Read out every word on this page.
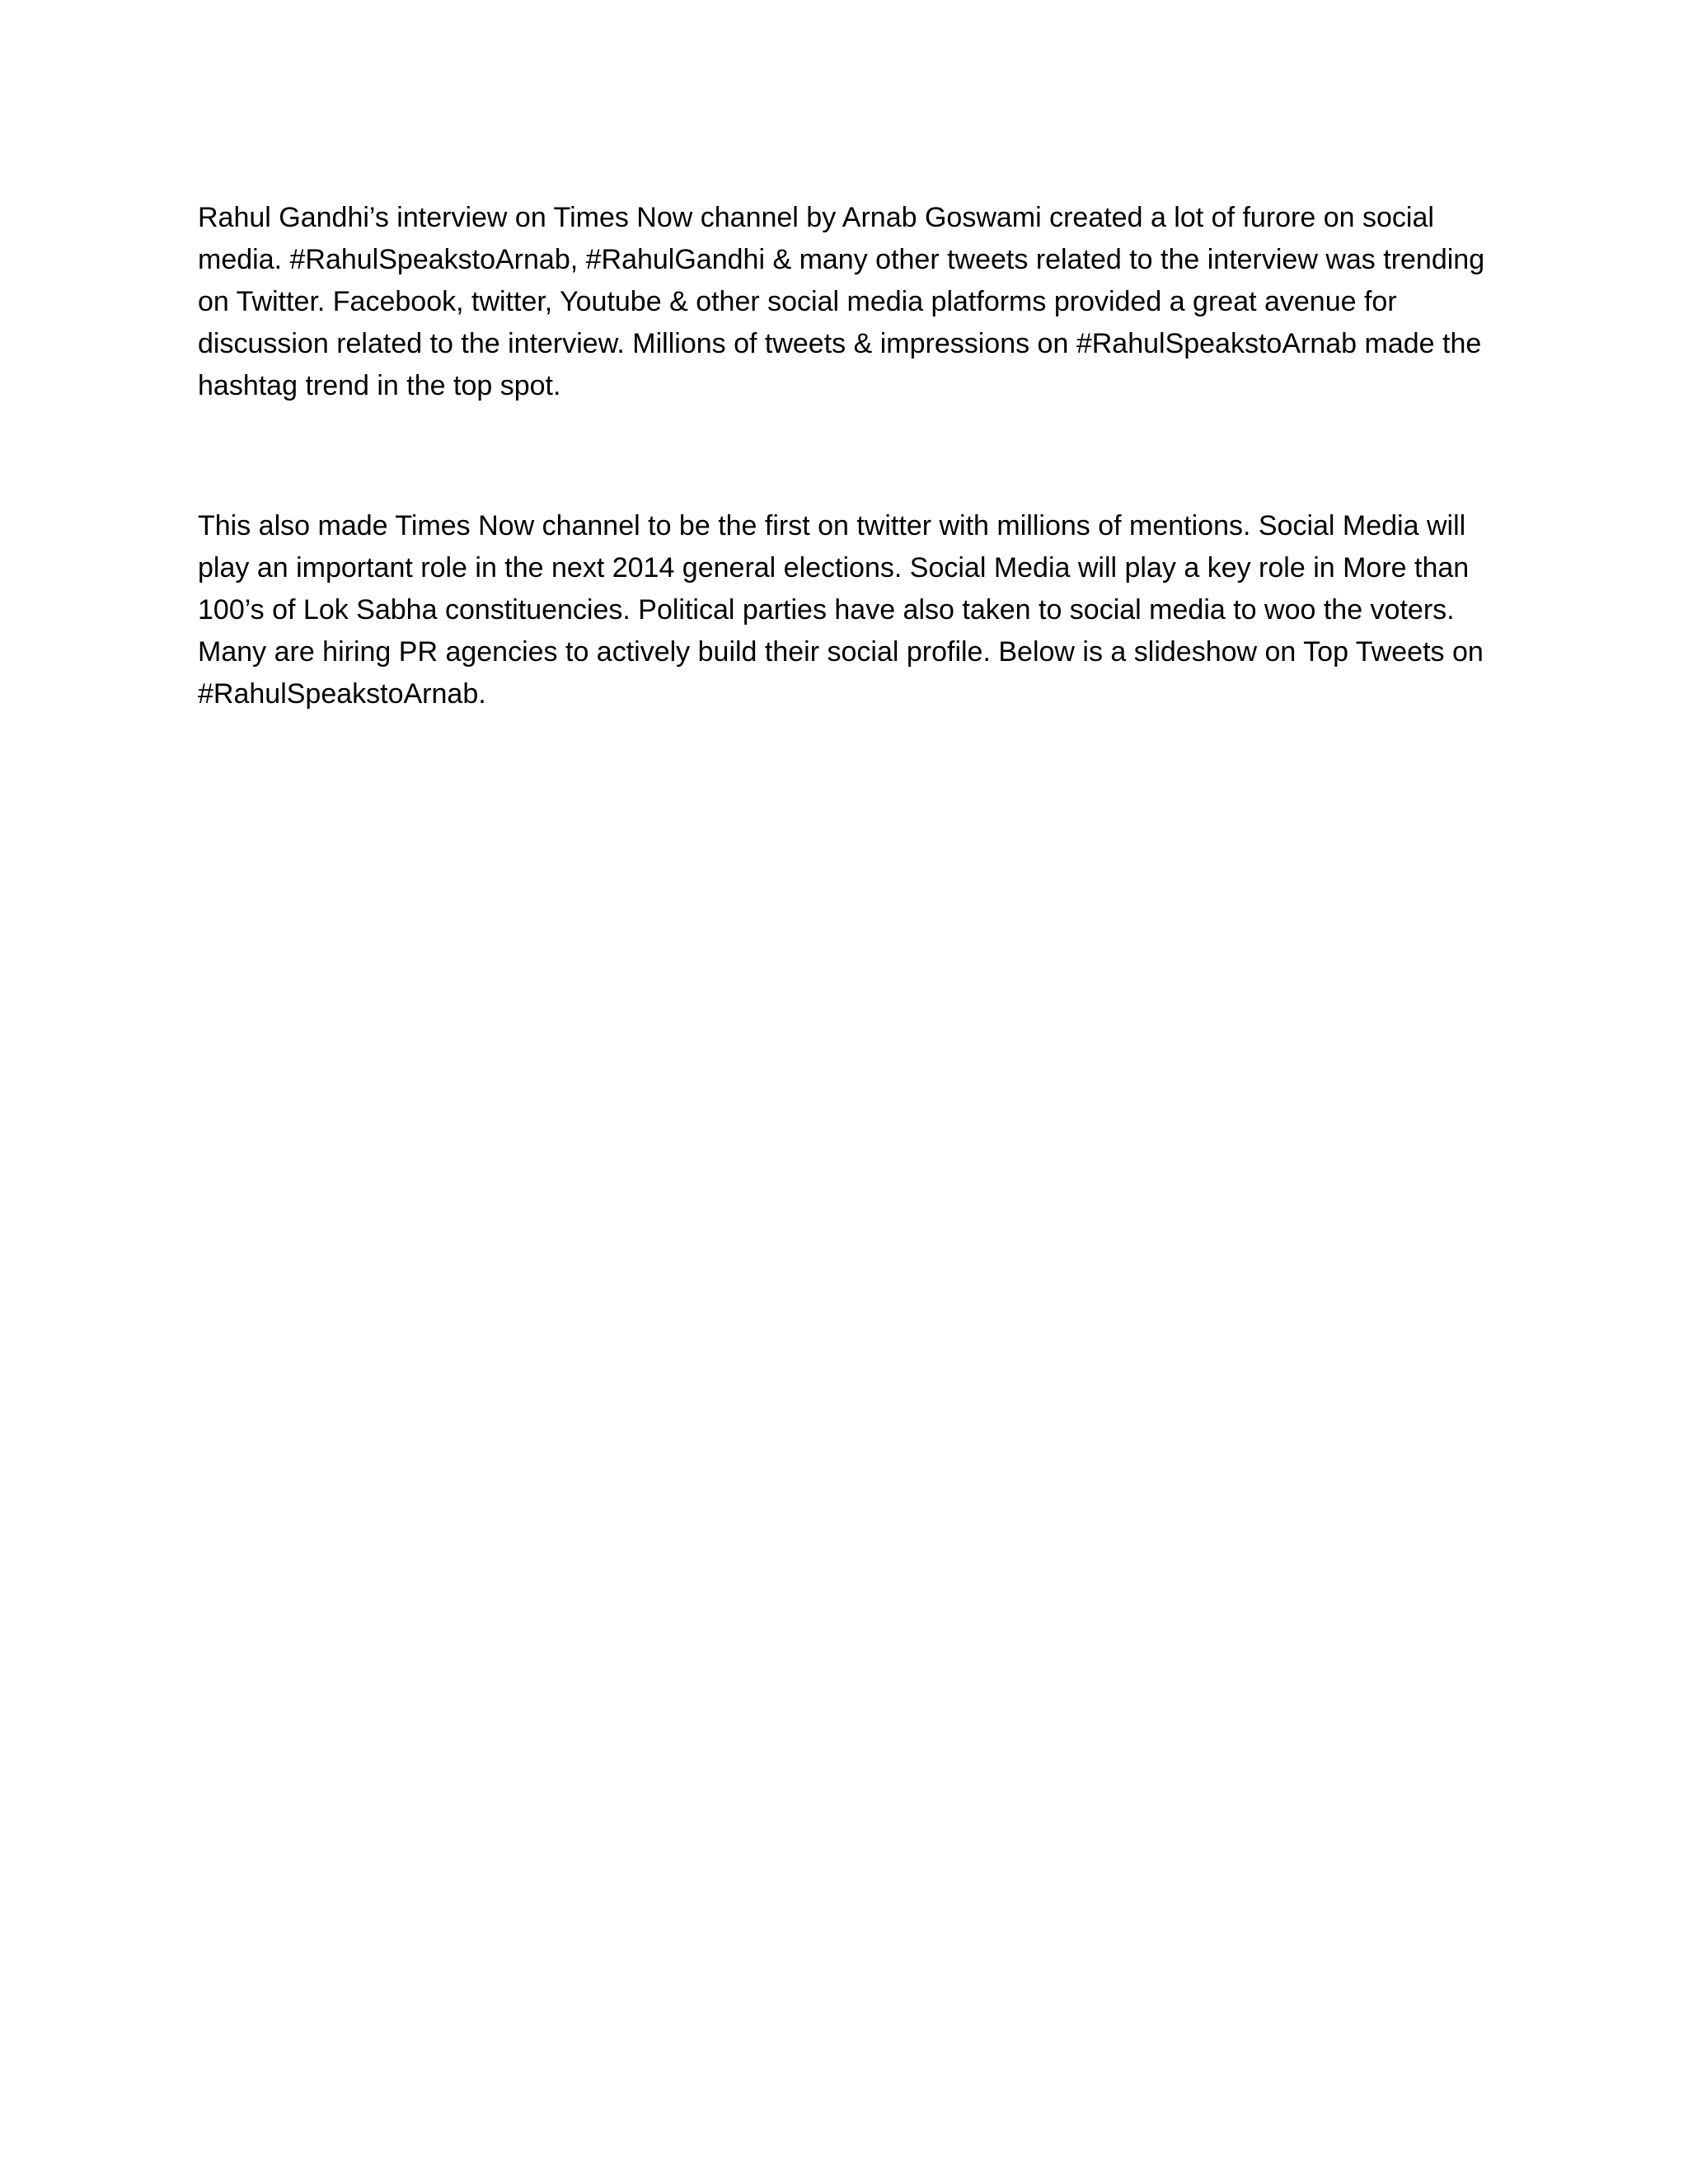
Rahul Gandhi’s interview on Times Now channel by Arnab Goswami created a lot of furore on social
media. #RahulSpeakstoArnab, #RahulGandhi & many other tweets related to the interview was trending
on Twitter. Facebook, twitter, Youtube & other social media platforms provided a great avenue for
discussion related to the interview. Millions of tweets & impressions on #RahulSpeakstoArnab made the
hashtag trend in the top spot.

This also made Times Now channel to be the first on twitter with millions of mentions. Social Media will
play an important role in the next 2014 general elections. Social Media will play a key role in More than
100’s of Lok Sabha constituencies. Political parties have also taken to social media to woo the voters.
Many are hiring PR agencies to actively build their social profile. Below is a slideshow on Top Tweets on
#RahulSpeakstoArnab.
